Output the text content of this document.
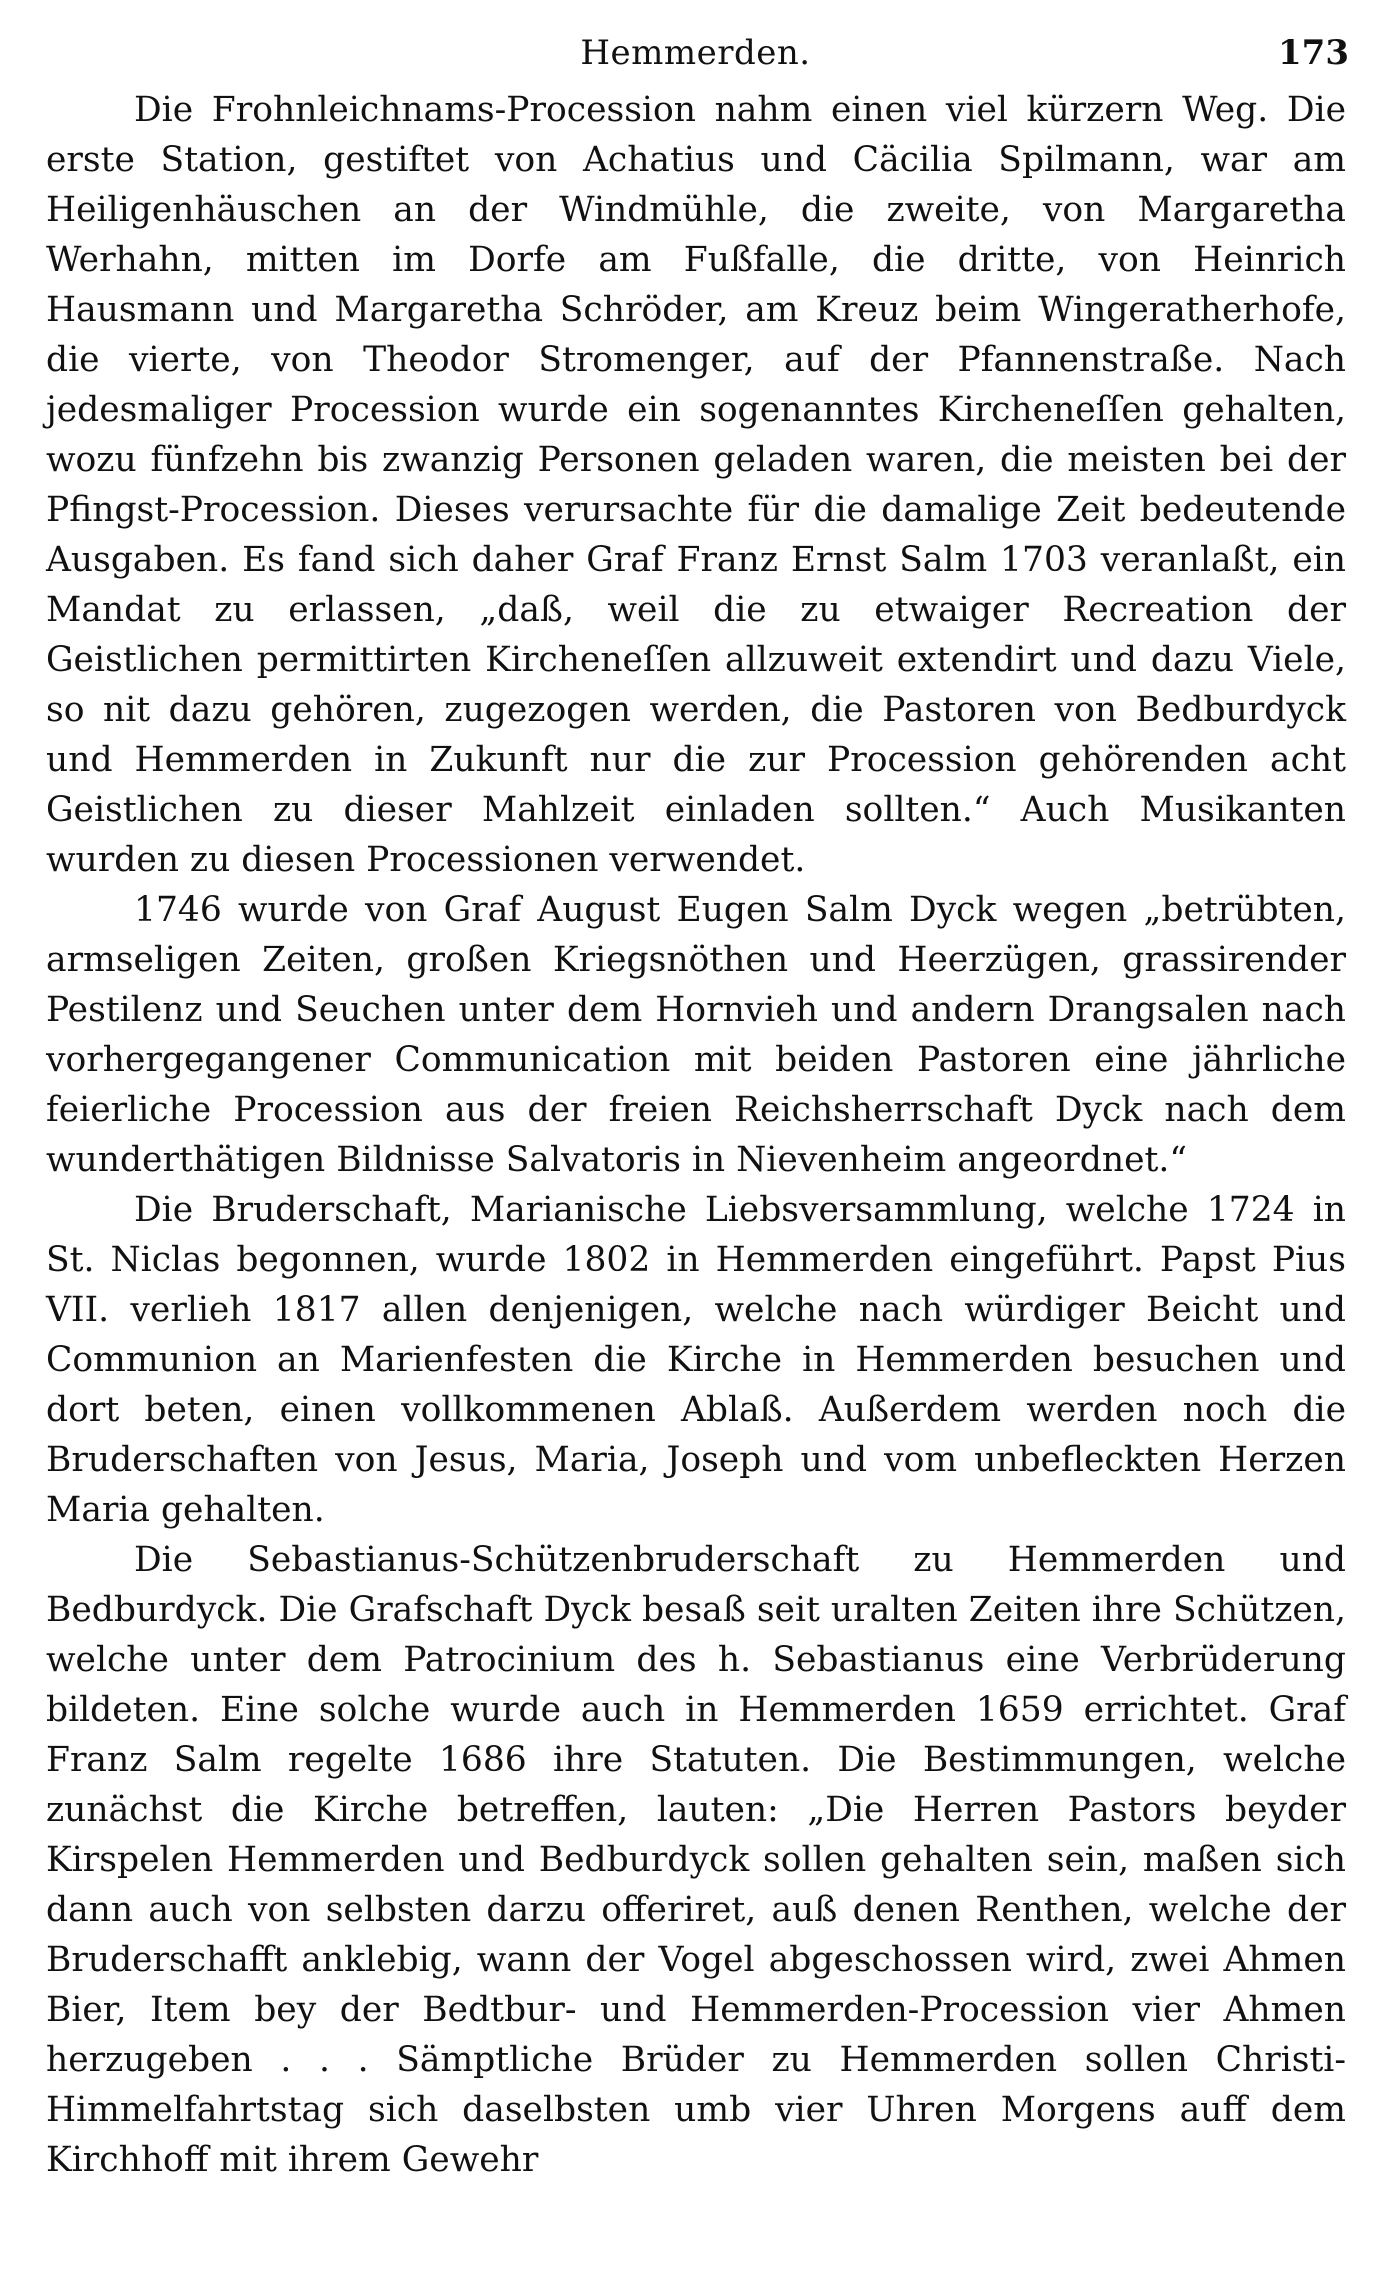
Hemmerden.	173

Die Frohnleichnams-Procession nahm einen viel kürzern Weg. Die erste Station, gestiftet von Achatius und Cäcilia Spilmann, war am Heiligenhäuschen an der Windmühle, die zweite, von Margaretha Werhahn, mitten im Dorfe am Fußfalle, die dritte, von Heinrich Hausmann und Margaretha Schröder, am Kreuz beim Wingeratherhofe, die vierte, von Theodor Stromenger, auf der Pfannenstraße. Nach jedesmaliger Procession wurde ein sogenanntes Kircheneſſen gehalten, wozu fünfzehn bis zwanzig Personen geladen waren, die meisten bei der Pfingst-Procession. Dieses verursachte für die damalige Zeit bedeutende Ausgaben. Es fand sich daher Graf Franz Ernst Salm 1703 veranlaßt, ein Mandat zu erlassen, „daß, weil die zu etwaiger Recreation der Geistlichen permittirten Kircheneſſen allzuweit extendirt und dazu Viele, so nit dazu gehören, zugezogen werden, die Pastoren von Bedburdyck und Hemmerden in Zukunft nur die zur Procession gehörenden acht Geistlichen zu dieser Mahlzeit einladen sollten.“ Auch Musikanten wurden zu diesen Processionen verwendet.

1746 wurde von Graf August Eugen Salm Dyck wegen „betrübten, armseligen Zeiten, großen Kriegsnöthen und Heerzügen, grassirender Pestilenz und Seuchen unter dem Hornvieh und andern Drangsalen nach vorhergegangener Communication mit beiden Pastoren eine jährliche feierliche Procession aus der freien Reichsherrschaft Dyck nach dem wunderthätigen Bildnisse Salvatoris in Nievenheim angeordnet.“

Die Bruderschaft, Marianische Liebsversammlung, welche 1724 in St. Niclas begonnen, wurde 1802 in Hemmerden eingeführt. Papst Pius VII. verlieh 1817 allen denjenigen, welche nach würdiger Beicht und Communion an Marienfesten die Kirche in Hemmerden besuchen und dort beten, einen vollkommenen Ablaß. Außerdem werden noch die Bruderschaften von Jesus, Maria, Joseph und vom unbefleckten Herzen Maria gehalten.

Die Sebastianus-Schützenbruderschaft zu Hemmerden und Bedburdyck. Die Grafschaft Dyck besaß seit uralten Zeiten ihre Schützen, welche unter dem Patrocinium des h. Sebastianus eine Verbrüderung bildeten. Eine solche wurde auch in Hemmerden 1659 errichtet. Graf Franz Salm regelte 1686 ihre Statuten. Die Bestimmungen, welche zunächst die Kirche betreffen, lauten: „Die Herren Pastors beyder Kirspelen Hemmerden und Bedburdyck sollen gehalten sein, maßen sich dann auch von selbsten darzu offeriret, auß denen Renthen, welche der Bruderschafft anklebig, wann der Vogel abgeschossen wird, zwei Ahmen Bier, Item bey der Bedtbur- und Hemmerden-Procession vier Ahmen herzugeben . . . Sämptliche Brüder zu Hemmerden sollen Christi-Himmelfahrtstag sich daselbsten umb vier Uhren Morgens auff dem Kirchhoff mit ihrem Gewehr
